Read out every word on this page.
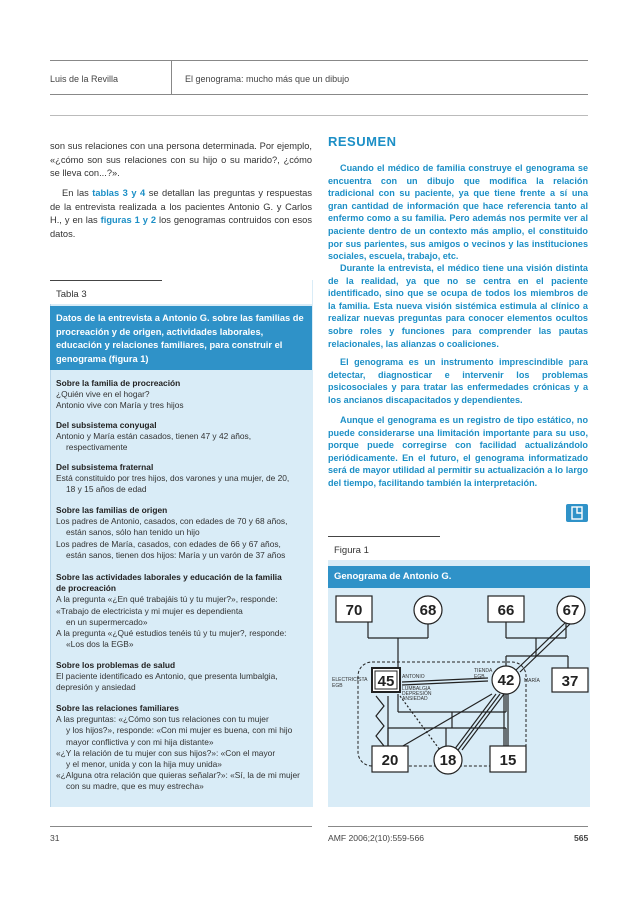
Luis de la Revilla	El genograma: mucho más que un dibujo
son sus relaciones con una persona determinada. Por ejemplo, «¿cómo son sus relaciones con su hijo o su marido?, ¿cómo se lleva con...?».
En las tablas 3 y 4 se detallan las preguntas y respuestas de la entrevista realizada a los pacientes Antonio G. y Carlos H., y en las figuras 1 y 2 los genogramas contruidos con esos datos.
Tabla 3
Datos de la entrevista a Antonio G. sobre las familias de procreación y de origen, actividades laborales, educación y relaciones familiares, para construir el genograma (figura 1)
Sobre la familia de procreación
¿Quién vive en el hogar?
Antonio vive con María y tres hijos
Del subsistema conyugal
Antonio y María están casados, tienen 47 y 42 años,
respectivamente
Del subsistema fraternal
Está constituido por tres hijos, dos varones y una mujer, de 20,
18 y 15 años de edad
Sobre las familias de origen
Los padres de Antonio, casados, con edades de 70 y 68 años,
están sanos, sólo han tenido un hijo
Los padres de María, casados, con edades de 66 y 67 años,
están sanos, tienen dos hijos: María y un varón de 37 años
Sobre las actividades laborales y educación de la familia
de procreación
A la pregunta «¿En qué trabajáis tú y tu mujer?», responde:
«Trabajo de electricista y mi mujer es dependienta
en un supermercado»
A la pregunta «¿Qué estudios tenéis tú y tu mujer?, responde:
«Los dos la EGB»
Sobre los problemas de salud
El paciente identificado es Antonio, que presenta lumbalgia,
depresión y ansiedad
Sobre las relaciones familiares
A las preguntas: «¿Cómo son tus relaciones con tu mujer
y los hijos?», responde: «Con mi mujer es buena, con mi hijo
mayor conflictiva y con mi hija distante»
«¿Y la relación de tu mujer con sus hijos?»: «Con el mayor
y el menor, unida y con la hija muy unida»
«¿Alguna otra relación que quieras señalar?»: «Sí, la de mi mujer
con su madre, que es muy estrecha»
RESUMEN
Cuando el médico de familia construye el genograma se encuentra con un dibujo que modifica la relación tradicional con su paciente, ya que tiene frente a sí una gran cantidad de información que hace referencia tanto al enfermo como a su familia. Pero además nos permite ver al paciente dentro de un contexto más amplio, el constituido por sus parientes, sus amigos o vecinos y las instituciones sociales, escuela, trabajo, etc.
Durante la entrevista, el médico tiene una visión distinta de la realidad, ya que no se centra en el paciente identificado, sino que se ocupa de todos los miembros de la familia. Esta nueva visión sistémica estimula al clínico a realizar nuevas preguntas para conocer elementos ocultos sobre roles y funciones para comprender las pautas relacionales, las alianzas o coaliciones.
El genograma es un instrumento imprescindible para detectar, diagnosticar e intervenir los problemas psicosociales y para tratar las enfermedades crónicas y a los ancianos discapacitados y dependientes.
Aunque el genograma es un registro de tipo estático, no puede considerarse una limitación importante para su uso, porque puede corregirse con facilidad actualizándolo periódicamente. En el futuro, el genograma informatizado será de mayor utilidad al permitir su actualización a lo largo del tiempo, facilitando también la interpretación.
Figura 1
Genograma de Antonio G.
70	68	66	67
45	42	37
20	18	15
ELECTRICISTA
EGB
ANTONIO
LUMBALGIA
DEPRESIÓN
ANSIEDAD
TIENDA
EGB
MARÍA
31	AMF 2006;2(10):559-566	565
